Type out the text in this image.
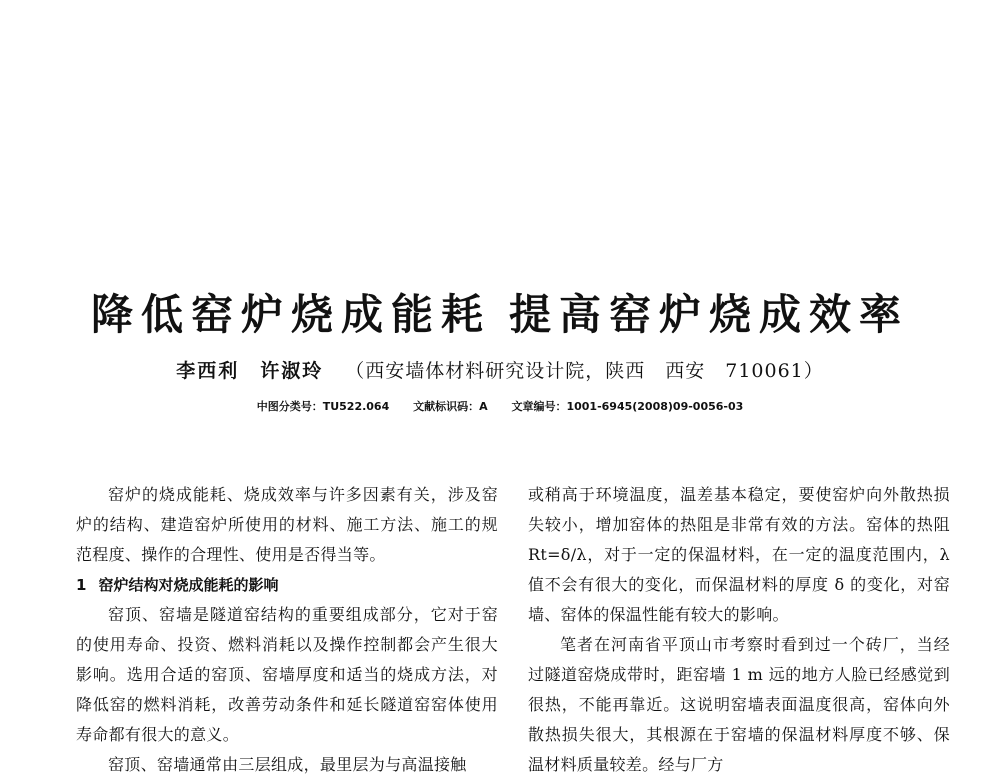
降低窑炉烧成能耗 提高窑炉烧成效率
李西利　许淑玲 （西安墙体材料研究设计院，陕西　西安　710061）
中图分类号：TU522.064 文献标识码：A 文章编号：1001-6945(2008)09-0056-03

窑炉的烧成能耗、烧成效率与许多因素有关，涉及窑炉的结构、建造窑炉所使用的材料、施工方法、施工的规范程度、操作的合理性、使用是否得当等。

1 窑炉结构对烧成能耗的影响

窑顶、窑墙是隧道窑结构的重要组成部分，它对于窑的使用寿命、投资、燃料消耗以及操作控制都会产生很大影响。选用合适的窑顶、窑墙厚度和适当的烧成方法，对降低窑的燃料消耗，改善劳动条件和延长隧道窑窑体使用寿命都有很大的意义。

窑顶、窑墙通常由三层组成，最里层为与高温接触

或稍高于环境温度，温差基本稳定，要使窑炉向外散热损失较小，增加窑体的热阻是非常有效的方法。窑体的热阻 Rt=δ/λ，对于一定的保温材料，在一定的温度范围内，λ 值不会有很大的变化，而保温材料的厚度 δ 的变化，对窑墙、窑体的保温性能有较大的影响。

笔者在河南省平顶山市考察时看到过一个砖厂，当经过隧道窑烧成带时，距窑墙 1 m 远的地方人脸已经感觉到很热，不能再靠近。这说明窑墙表面温度很高，窑体向外散热损失很大，其根源在于窑墙的保温材料厚度不够、保温材料质量较差。经与厂方
